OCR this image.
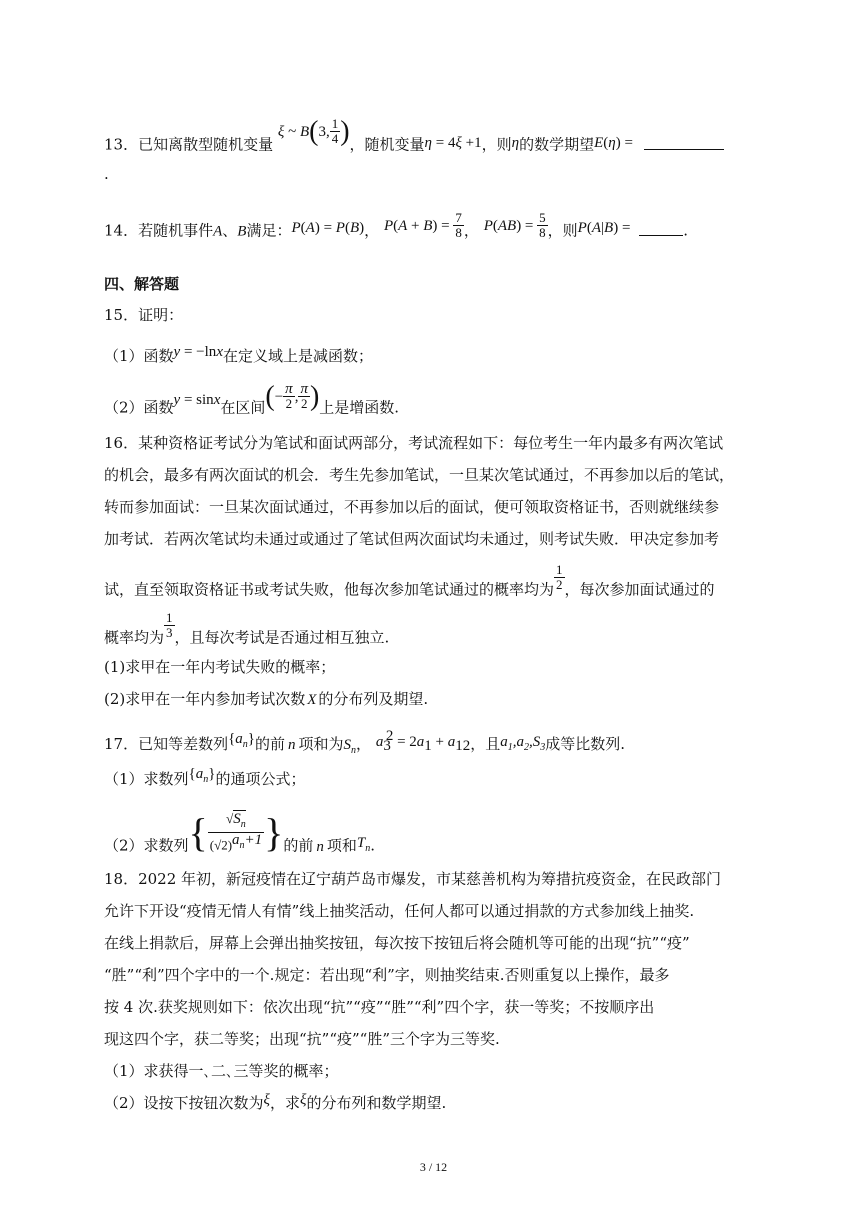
13．已知离散型随机变量 ξ ~ B(3, $\frac{1}{4}$ )，随机变量η = 4ξ +1，则η的数学期望E(η) =
.
14．若随机事件A、B满足：P(A) = P(B)， $P(A + B) = \frac{7}{8}$ ， $P(AB) = \frac{5}{8}$ ，则P(A|B) =	.
四、解答题
15．证明：
（1）函数y = −lnx在定义域上是减函数；
（2）函数y = sinx在区间(− $\frac{\pi}{2}$ , $\frac{\pi}{2}$ )上是增函数.
16．某种资格证考试分为笔试和面试两部分，考试流程如下：每位考生一年内最多有两次笔试
的机会，最多有两次面试的机会．考生先参加笔试，一旦某次笔试通过，不再参加以后的笔试，
转而参加面试：一旦某次面试通过，不再参加以后的面试，便可领取资格证书，否则就继续参
加考试．若两次笔试均未通过或通过了笔试但两次面试均未通过，则考试失败．甲决定参加考
试，直至领取资格证书或考试失败，他每次参加笔试通过的概率均为 $\frac{1}{2}$ ，每次参加面试通过的
概率均为 $\frac{1}{3}$ ，且每次考试是否通过相互独立.
(1)求甲在一年内考试失败的概率；
(2)求甲在一年内参加考试次数 X 的分布列及期望.
17．已知等差数列$\{a_n\}$的前 n 项和为$S_n$， $a_3^2 = 2a_1 + a_{12}$，且$a_1,a_2,S_3$成等比数列.
（1）求数列$\{a_n\}$的通项公式；
（2）求数列{ $\frac{√S_n}{(√2)^{a_n+1}}$ }的前 n 项和$T_n$.
18．2022 年初，新冠疫情在辽宁葫芦岛市爆发，市某慈善机构为筹措抗疫资金，在民政部门
允许下开设“疫情无情人有情”线上抽奖活动，任何人都可以通过捐款的方式参加线上抽奖.
在线上捐款后，屏幕上会弹出抽奖按钮，每次按下按钮后将会随机等可能的出现“抗”“疫”
“胜”“利”四个字中的一个.规定：若出现“利”字，则抽奖结束.否则重复以上操作，最多
按 4 次.获奖规则如下：依次出现“抗”“疫”“胜”“利”四个字，获一等奖；不按顺序出
现这四个字，获二等奖；出现“抗”“疫”“胜”三个字为三等奖.
（1）求获得一､二､三等奖的概率；
（2）设按下按钮次数为ξ，求ξ的分布列和数学期望.
3 / 12
